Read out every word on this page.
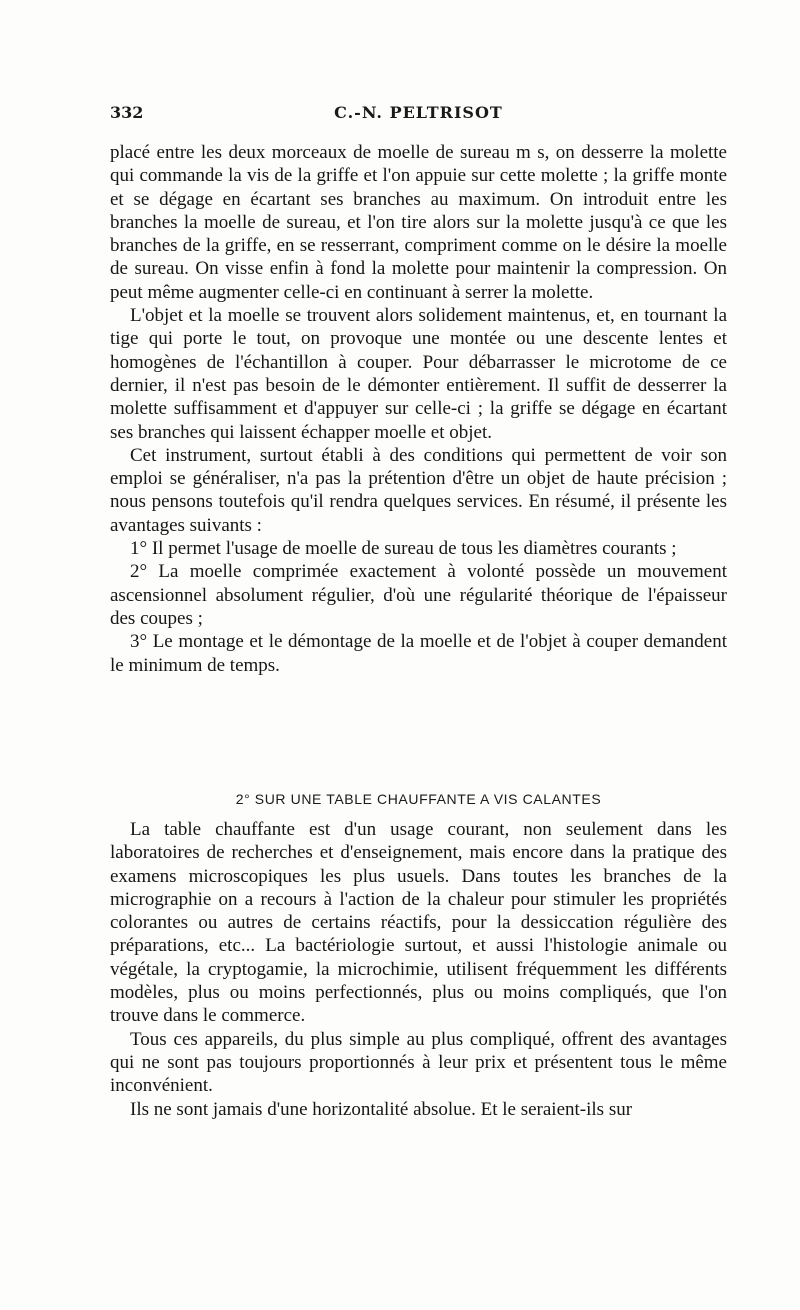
332	C.-N. PELTRISOT

placé entre les deux morceaux de moelle de sureau m s, on desserre la molette qui commande la vis de la griffe et l'on appuie sur cette molette ; la griffe monte et se dégage en écartant ses branches au maximum. On introduit entre les branches la moelle de sureau, et l'on tire alors sur la molette jusqu'à ce que les branches de la griffe, en se resserrant, compriment comme on le désire la moelle de sureau. On visse enfin à fond la molette pour maintenir la compression. On peut même augmenter celle-ci en continuant à serrer la molette.

L'objet et la moelle se trouvent alors solidement maintenus, et, en tournant la tige qui porte le tout, on provoque une montée ou une descente lentes et homogènes de l'échantillon à couper. Pour débarrasser le microtome de ce dernier, il n'est pas besoin de le démonter entièrement. Il suffit de desserrer la molette suffisamment et d'appuyer sur celle-ci ; la griffe se dégage en écartant ses branches qui laissent échapper moelle et objet.

Cet instrument, surtout établi à des conditions qui permettent de voir son emploi se généraliser, n'a pas la prétention d'être un objet de haute précision ; nous pensons toutefois qu'il rendra quelques services. En résumé, il présente les avantages suivants :

1° Il permet l'usage de moelle de sureau de tous les diamètres courants ;

2° La moelle comprimée exactement à volonté possède un mouvement ascensionnel absolument régulier, d'où une régularité théorique de l'épaisseur des coupes ;

3° Le montage et le démontage de la moelle et de l'objet à couper demandent le minimum de temps.

2° SUR UNE TABLE CHAUFFANTE A VIS CALANTES

La table chauffante est d'un usage courant, non seulement dans les laboratoires de recherches et d'enseignement, mais encore dans la pratique des examens microscopiques les plus usuels. Dans toutes les branches de la micrographie on a recours à l'action de la chaleur pour stimuler les propriétés colorantes ou autres de certains réactifs, pour la dessiccation régulière des préparations, etc... La bactériologie surtout, et aussi l'histologie animale ou végétale, la cryptogamie, la microchimie, utilisent fréquemment les différents modèles, plus ou moins perfectionnés, plus ou moins compliqués, que l'on trouve dans le commerce.

Tous ces appareils, du plus simple au plus compliqué, offrent des avantages qui ne sont pas toujours proportionnés à leur prix et présentent tous le même inconvénient.

Ils ne sont jamais d'une horizontalité absolue. Et le seraient-ils sur
